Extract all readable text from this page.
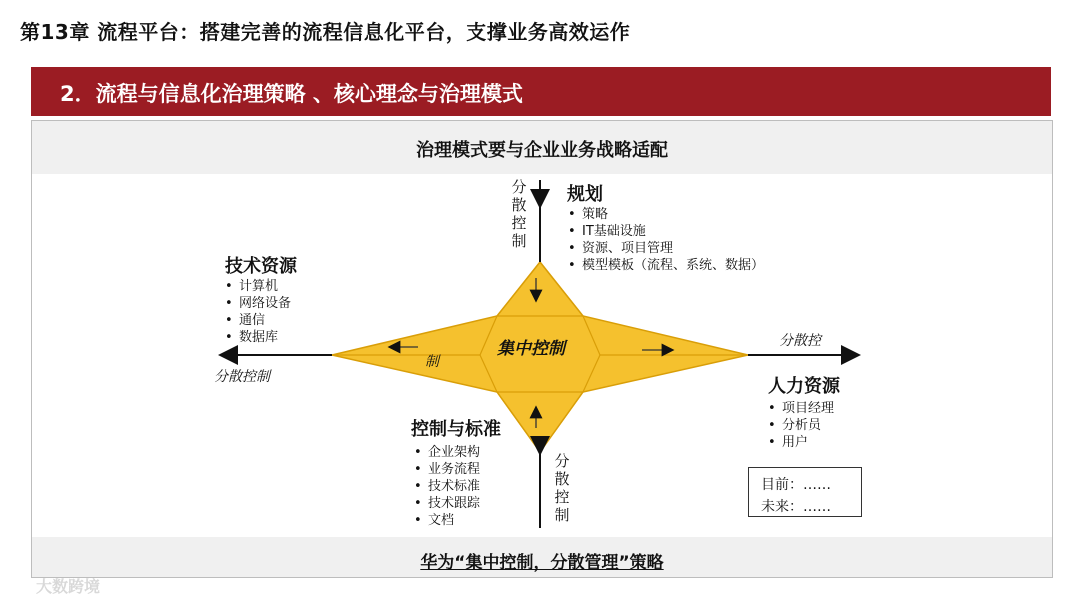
第13章 流程平台：搭建完善的流程信息化平台，支撑业务高效运作
2．流程与信息化治理策略 、核心理念与治理模式
治理模式要与企业业务战略适配
华为“集中控制，分散管理”策略
集中控制
制
规划
• 策略
• IT基础设施
• 资源、项目管理
• 模型模板（流程、系统、数据）
技术资源
• 计算机
• 网络设备
• 通信
• 数据库
人力资源
• 项目经理
• 分析员
• 用户
控制与标准
• 企业架构
• 业务流程
• 技术标准
• 技术跟踪
• 文档
分散控制
分散控制
分散控制
分散控
目前：……
未来：……
大数跨境
